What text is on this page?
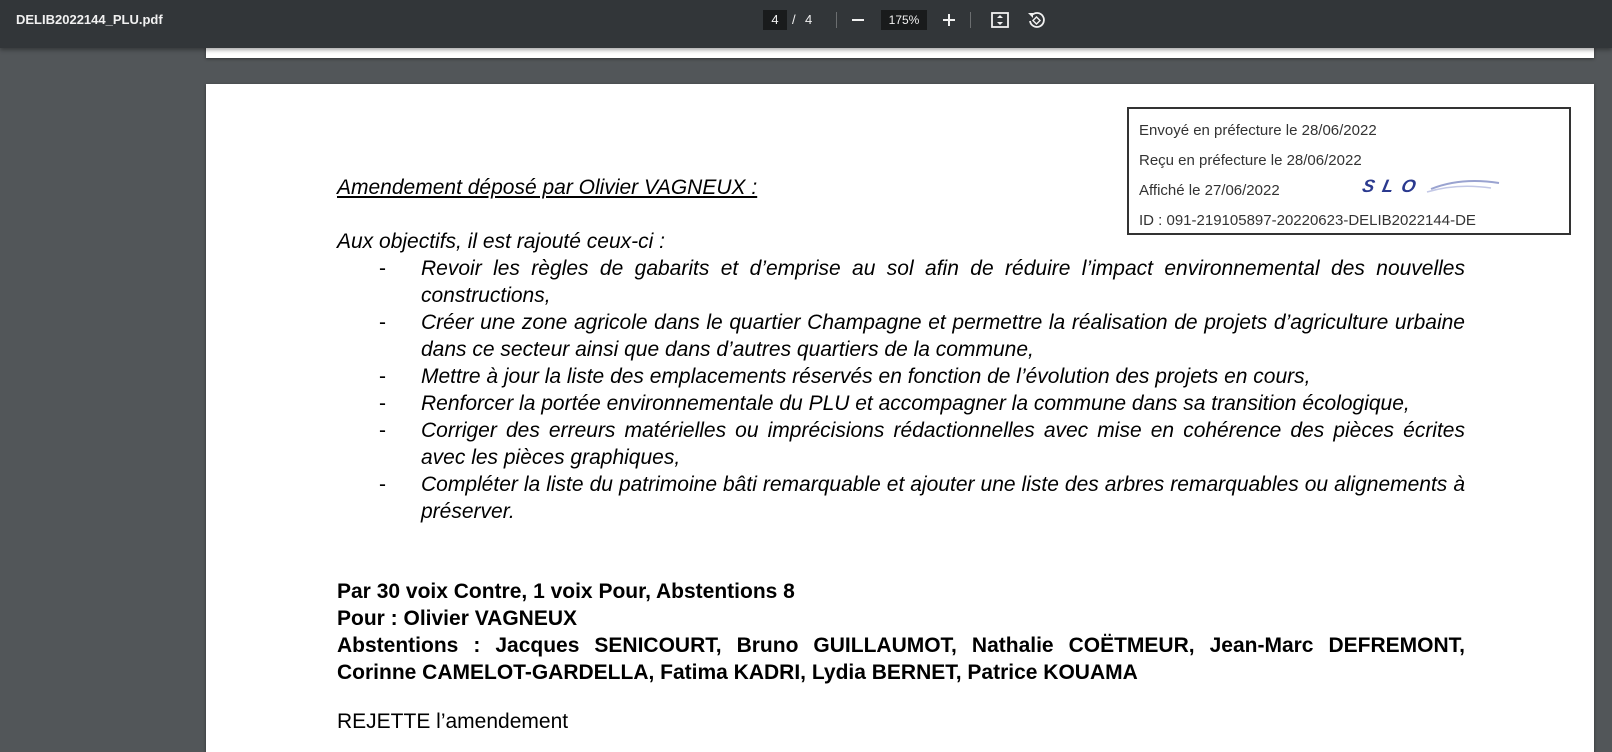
DELIB2022144_PLU.pdf	4	/ 4	175%
Envoyé en préfecture le 28/06/2022
Reçu en préfecture le 28/06/2022
Affiché le 27/06/2022	SLO
ID : 091-219105897-20220623-DELIB2022144-DE
Amendement déposé par Olivier VAGNEUX :
Aux objectifs, il est rajouté ceux-ci :
-	Revoir les règles de gabarits et d’emprise au sol afin de réduire l’impact environnemental des nouvelles constructions,
-	Créer une zone agricole dans le quartier Champagne et permettre la réalisation de projets d’agriculture urbaine dans ce secteur ainsi que dans d’autres quartiers de la commune,
-	Mettre à jour la liste des emplacements réservés en fonction de l’évolution des projets en cours,
-	Renforcer la portée environnementale du PLU et accompagner la commune dans sa transition écologique,
-	Corriger des erreurs matérielles ou imprécisions rédactionnelles avec mise en cohérence des pièces écrites avec les pièces graphiques,
-	Compléter la liste du patrimoine bâti remarquable et ajouter une liste des arbres remarquables ou alignements à préserver.
Par 30 voix Contre, 1 voix Pour, Abstentions 8
Pour : Olivier VAGNEUX
Abstentions : Jacques SENICOURT, Bruno GUILLAUMOT, Nathalie COËTMEUR, Jean-Marc DEFREMONT, Corinne CAMELOT-GARDELLA, Fatima KADRI, Lydia BERNET, Patrice KOUAMA
REJETTE l’amendement
